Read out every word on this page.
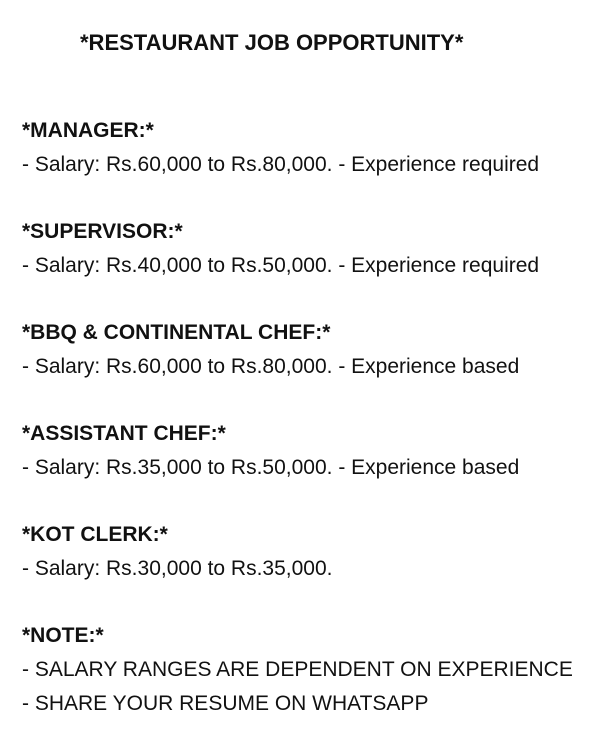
*RESTAURANT JOB OPPORTUNITY*
*MANAGER:*
- Salary: Rs.60,000 to Rs.80,000. - Experience required
*SUPERVISOR:*
- Salary: Rs.40,000 to Rs.50,000. - Experience required
*BBQ & CONTINENTAL CHEF:*
- Salary: Rs.60,000 to Rs.80,000. - Experience based
*ASSISTANT CHEF:*
- Salary: Rs.35,000 to Rs.50,000. - Experience based
*KOT CLERK:*
- Salary: Rs.30,000 to Rs.35,000.
*NOTE:*
- SALARY RANGES ARE DEPENDENT ON EXPERIENCE
- SHARE YOUR RESUME ON WHATSAPP
